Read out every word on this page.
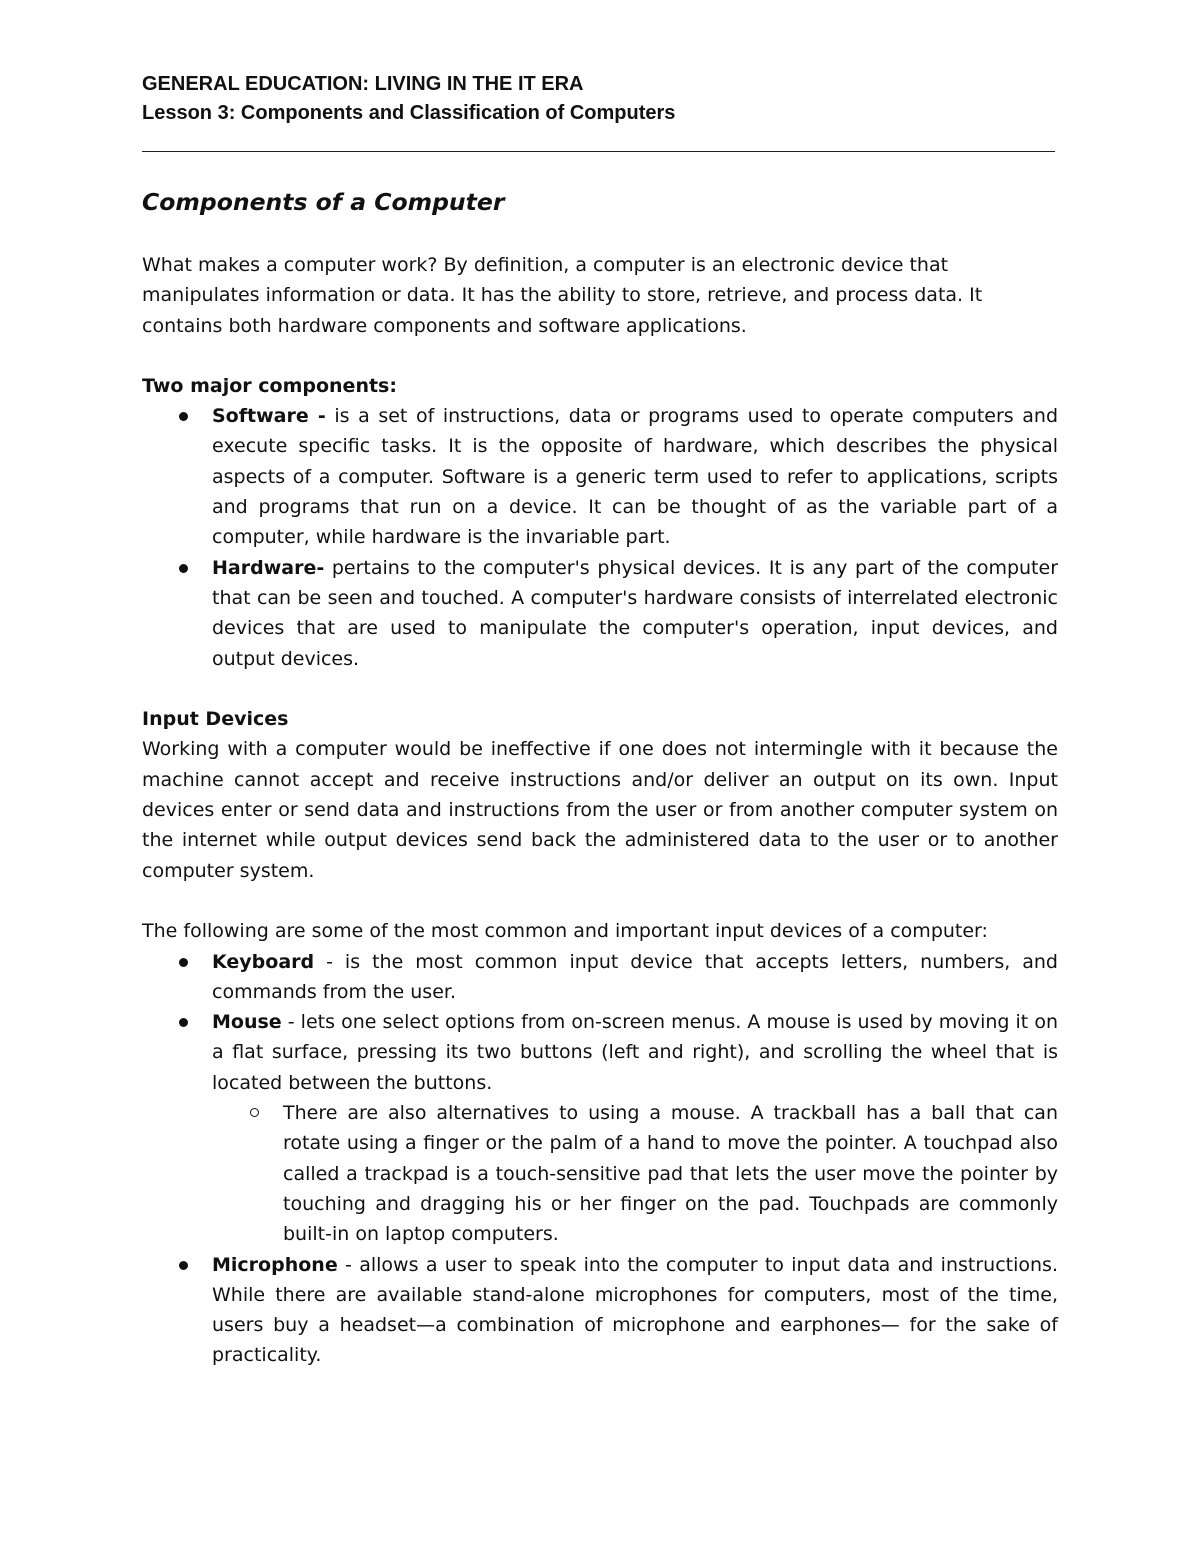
GENERAL EDUCATION: LIVING IN THE IT ERA
Lesson 3: Components and Classification of Computers

Components of a Computer

What makes a computer work? By definition, a computer is an electronic device that manipulates information or data. It has the ability to store, retrieve, and process data. It contains both hardware components and software applications.

Two major components:

Software - is a set of instructions, data or programs used to operate computers and execute specific tasks. It is the opposite of hardware, which describes the physical aspects of a computer. Software is a generic term used to refer to applications, scripts and programs that run on a device. It can be thought of as the variable part of a computer, while hardware is the invariable part.
Hardware- pertains to the computer's physical devices. It is any part of the computer that can be seen and touched. A computer's hardware consists of interrelated electronic devices that are used to manipulate the computer's operation, input devices, and output devices.

Input Devices

Working with a computer would be ineffective if one does not intermingle with it because the machine cannot accept and receive instructions and/or deliver an output on its own. Input devices enter or send data and instructions from the user or from another computer system on the internet while output devices send back the administered data to the user or to another computer system.

The following are some of the most common and important input devices of a computer:

Keyboard - is the most common input device that accepts letters, numbers, and commands from the user.
Mouse - lets one select options from on-screen menus. A mouse is used by moving it on a flat surface, pressing its two buttons (left and right), and scrolling the wheel that is located between the buttons.
There are also alternatives to using a mouse. A trackball has a ball that can rotate using a finger or the palm of a hand to move the pointer. A touchpad also called a trackpad is a touch-sensitive pad that lets the user move the pointer by touching and dragging his or her finger on the pad. Touchpads are commonly built-in on laptop computers.
Microphone - allows a user to speak into the computer to input data and instructions. While there are available stand-alone microphones for computers, most of the time, users buy a headset—a combination of microphone and earphones— for the sake of practicality.
